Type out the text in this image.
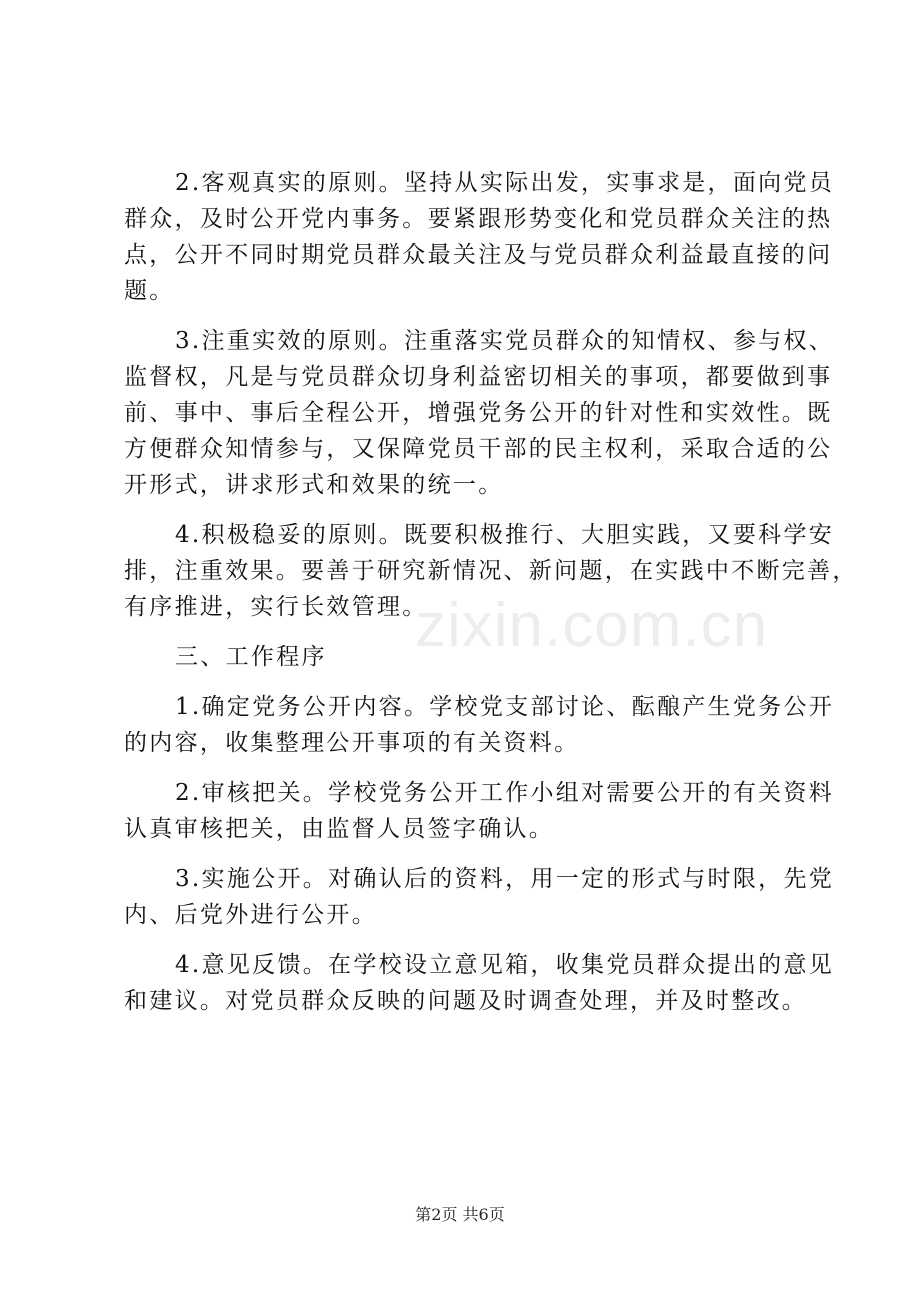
2.客观真实的原则。坚持从实际出发，实事求是，面向党员
群众，及时公开党内事务。要紧跟形势变化和党员群众关注的热
点，公开不同时期党员群众最关注及与党员群众利益最直接的问
题。

3.注重实效的原则。注重落实党员群众的知情权、参与权、
监督权，凡是与党员群众切身利益密切相关的事项，都要做到事
前、事中、事后全程公开，增强党务公开的针对性和实效性。既
方便群众知情参与，又保障党员干部的民主权利，采取合适的公
开形式，讲求形式和效果的统一。

4.积极稳妥的原则。既要积极推行、大胆实践，又要科学安
排，注重效果。要善于研究新情况、新问题，在实践中不断完善，
有序推进，实行长效管理。

三、工作程序

1.确定党务公开内容。学校党支部讨论、酝酿产生党务公开
的内容，收集整理公开事项的有关资料。

2.审核把关。学校党务公开工作小组对需要公开的有关资料
认真审核把关，由监督人员签字确认。

3.实施公开。对确认后的资料，用一定的形式与时限，先党
内、后党外进行公开。

4.意见反馈。在学校设立意见箱，收集党员群众提出的意见
和建议。对党员群众反映的问题及时调查处理，并及时整改。

zixin.com.cn
第2页 共6页
